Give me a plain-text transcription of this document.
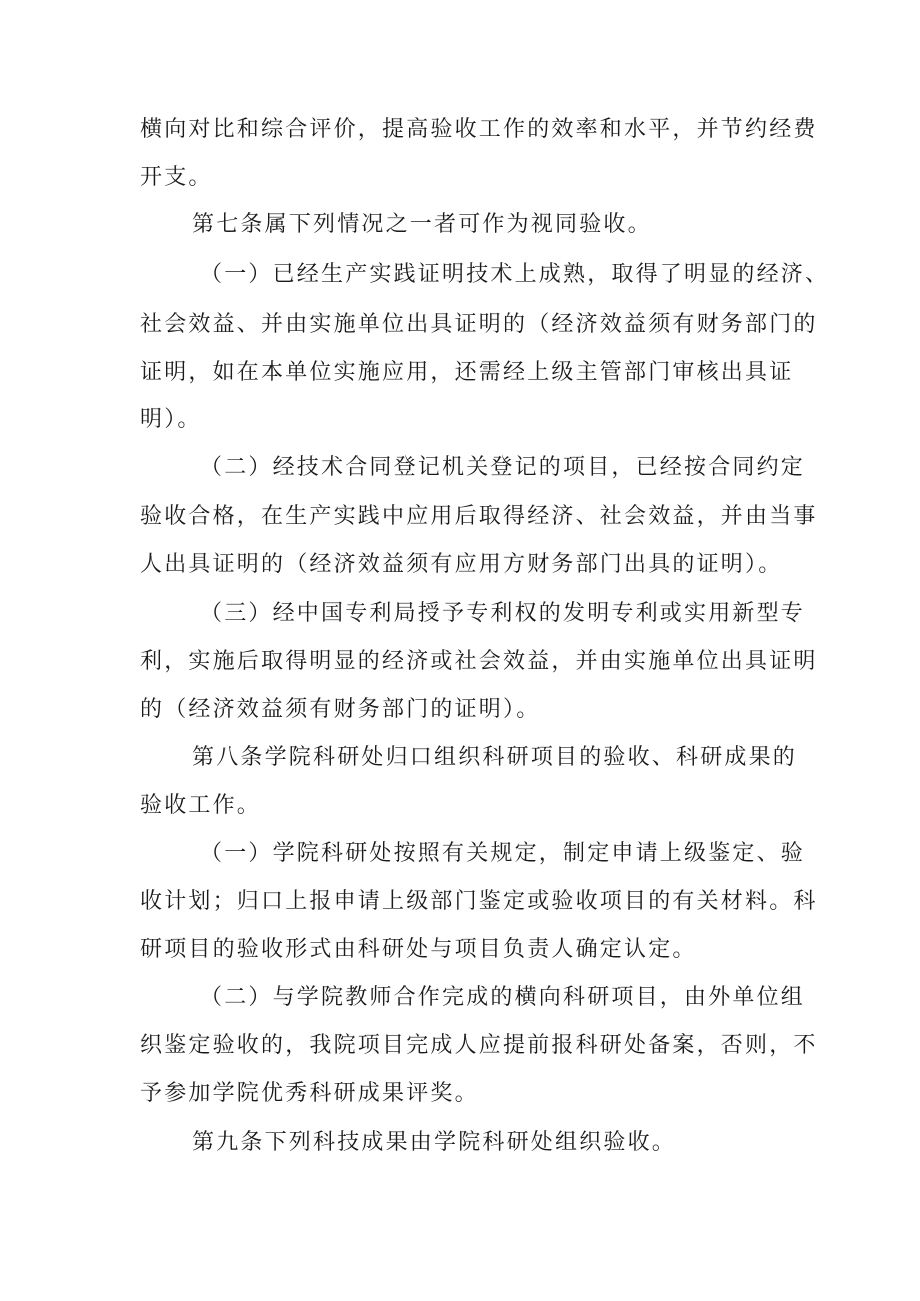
横向对比和综合评价，提高验收工作的效率和水平，并节约经费
开支。
第七条属下列情况之一者可作为视同验收。
（一）已经生产实践证明技术上成熟，取得了明显的经济、
社会效益、并由实施单位出具证明的（经济效益须有财务部门的
证明，如在本单位实施应用，还需经上级主管部门审核出具证
明）。
（二）经技术合同登记机关登记的项目，已经按合同约定
验收合格，在生产实践中应用后取得经济、社会效益，并由当事
人出具证明的（经济效益须有应用方财务部门出具的证明）。
（三）经中国专利局授予专利权的发明专利或实用新型专
利，实施后取得明显的经济或社会效益，并由实施单位出具证明
的（经济效益须有财务部门的证明）。
第八条学院科研处归口组织科研项目的验收、科研成果的
验收工作。
（一）学院科研处按照有关规定，制定申请上级鉴定、验
收计划；归口上报申请上级部门鉴定或验收项目的有关材料。科
研项目的验收形式由科研处与项目负责人确定认定。
（二）与学院教师合作完成的横向科研项目，由外单位组
织鉴定验收的，我院项目完成人应提前报科研处备案，否则，不
予参加学院优秀科研成果评奖。
第九条下列科技成果由学院科研处组织验收。
